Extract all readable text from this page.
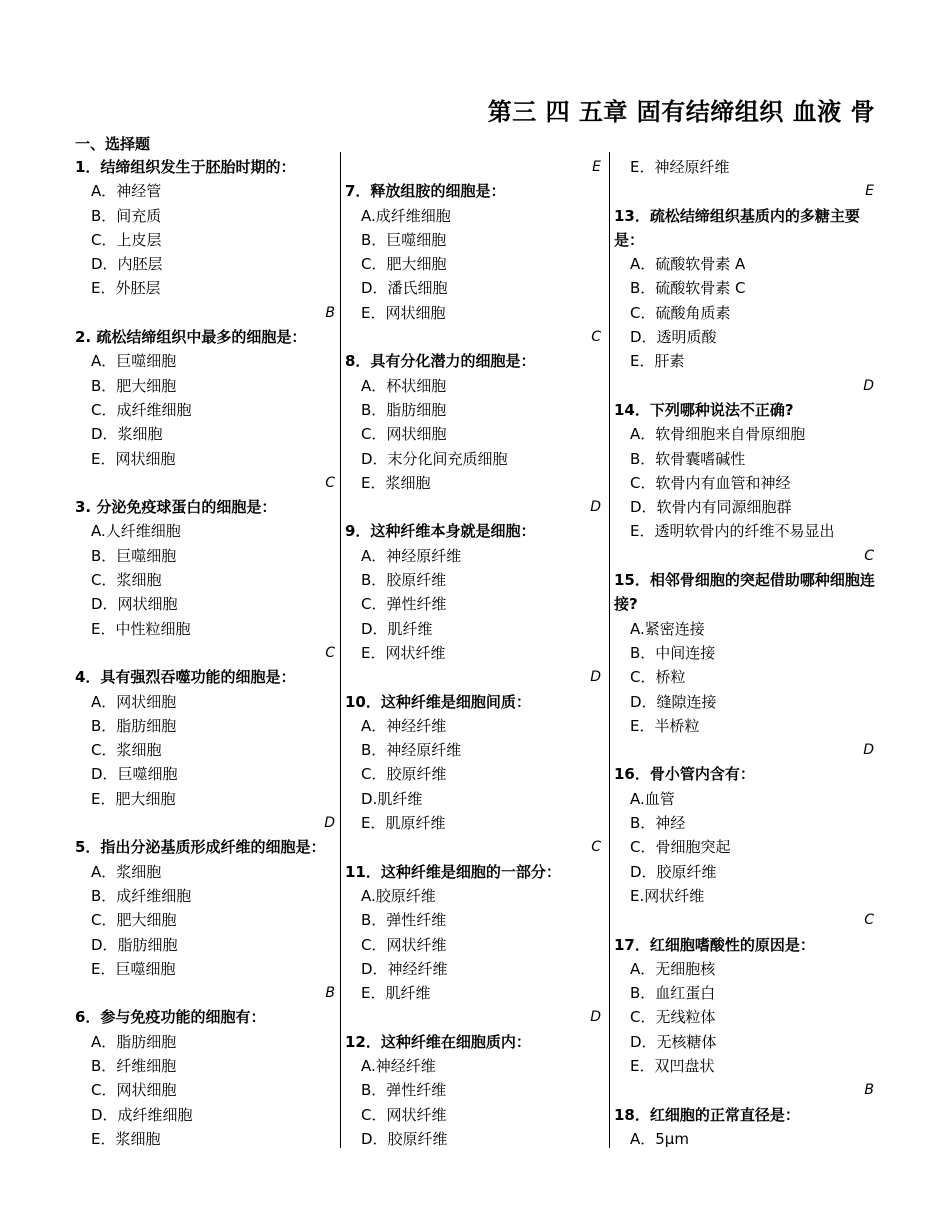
第三 四 五章 固有结缔组织 血液 骨
一、选择题
1．结缔组织发生于胚胎时期的：
A．神经管
B．间充质
C．上皮层
D．内胚层
E．外胚层
B
2. 疏松结缔组织中最多的细胞是：
A．巨噬细胞
B．肥大细胞
C．成纤维细胞
D．浆细胞
E．网状细胞
C
3. 分泌免疫球蛋白的细胞是：
A.人纤维细胞
B．巨噬细胞
C．浆细胞
D．网状细胞
E．中性粒细胞
C
4．具有强烈吞噬功能的细胞是：
A．网状细胞
B．脂肪细胞
C．浆细胞
D．巨噬细胞
E．肥大细胞
D
5．指出分泌基质形成纤维的细胞是：
A．浆细胞
B．成纤维细胞
C．肥大细胞
D．脂肪细胞
E．巨噬细胞
B
6．参与免疫功能的细胞有：
A．脂肪细胞
B．纤维细胞
C．网状细胞
D．成纤维细胞
E．浆细胞
E
7．释放组胺的细胞是：
A.成纤维细胞
B．巨噬细胞
C．肥大细胞
D．潘氏细胞
E．网状细胞
C
8．具有分化潜力的细胞是：
A．杯状细胞
B．脂肪细胞
C．网状细胞
D．末分化间充质细胞
E．浆细胞
D
9．这种纤维本身就是细胞：
A．神经原纤维
B．胶原纤维
C．弹性纤维
D．肌纤维
E．网状纤维
D
10．这种纤维是细胞间质：
A．神经纤维
B．神经原纤维
C．胶原纤维
D.肌纤维
E．肌原纤维
C
11．这种纤维是细胞的一部分：
A.胶原纤维
B．弹性纤维
C．网状纤维
D．神经纤维
E．肌纤维
D
12．这种纤维在细胞质内：
A.神经纤维
B．弹性纤维
C．网状纤维
D．胶原纤维
E．神经原纤维
E
13．疏松结缔组织基质内的多糖主要是：
A．硫酸软骨素 A
B．硫酸软骨素 C
C．硫酸角质素
D．透明质酸
E．肝素
D
14．下列哪种说法不正确?
A．软骨细胞来自骨原细胞
B．软骨囊嗜碱性
C．软骨内有血管和神经
D．软骨内有同源细胞群
E．透明软骨内的纤维不易显出
C
15．相邻骨细胞的突起借助哪种细胞连接?
A.紧密连接
B．中间连接
C．桥粒
D．缝隙连接
E．半桥粒
D
16．骨小管内含有：
A.血管
B．神经
C．骨细胞突起
D．胶原纤维
E.网状纤维
C
17．红细胞嗜酸性的原因是：
A．无细胞核
B．血红蛋白
C．无线粒体
D．无核糖体
E．双凹盘状
B
18．红细胞的正常直径是：
A．5μm
